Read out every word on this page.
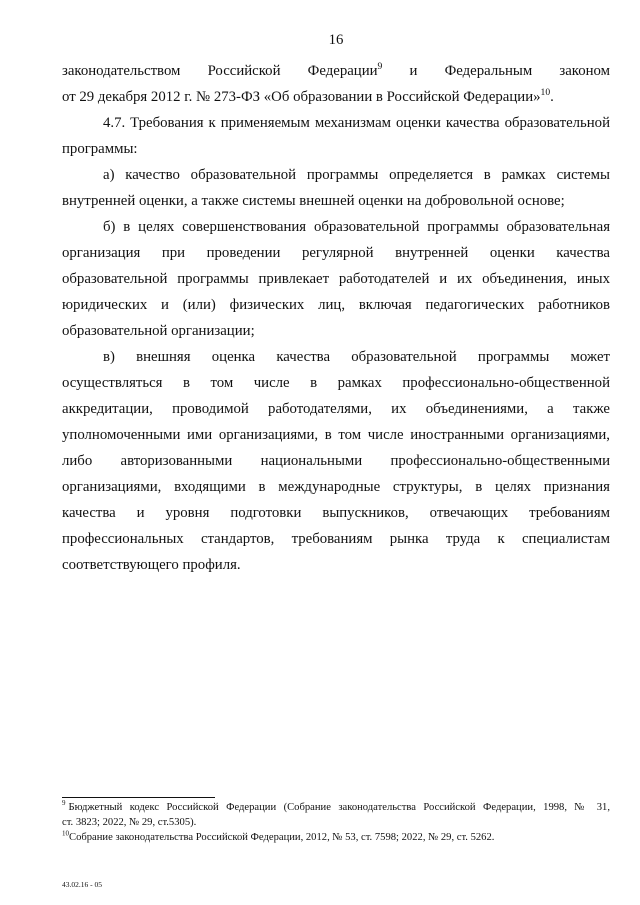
16
законодательством Российской Федерации$^9$ и Федеральным законом
от 29 декабря 2012 г. № 273-ФЗ «Об образовании в Российской Федерации»$^{10}$.
4.7. Требования к применяемым механизмам оценки качества образовательной
программы:
а) качество образовательной программы определяется в рамках системы
внутренней оценки, а также системы внешней оценки на добровольной основе;
б) в целях совершенствования образовательной программы образовательная
организация при проведении регулярной внутренней оценки качества
образовательной программы привлекает работодателей и их объединения, иных
юридических и (или) физических лиц, включая педагогических работников
образовательной организации;
в) внешняя оценка качества образовательной программы может
осуществляться в том числе в рамках профессионально-общественной
аккредитации, проводимой работодателями, их объединениями, а также
уполномоченными ими организациями, в том числе иностранными организациями,
либо авторизованными национальными профессионально-общественными
организациями, входящими в международные структуры, в целях признания
качества и уровня подготовки выпускников, отвечающих требованиям
профессиональных стандартов, требованиям рынка труда к специалистам
соответствующего профиля.
$^9$ Бюджетный кодекс Российской Федерации (Собрание законодательства Российской Федерации, 1998, № 31,
ст. 3823; 2022, № 29, ст.5305).
$^{10}$Собрание законодательства Российской Федерации, 2012, № 53, ст. 7598; 2022, № 29, ст. 5262.
43.02.16 - 05
